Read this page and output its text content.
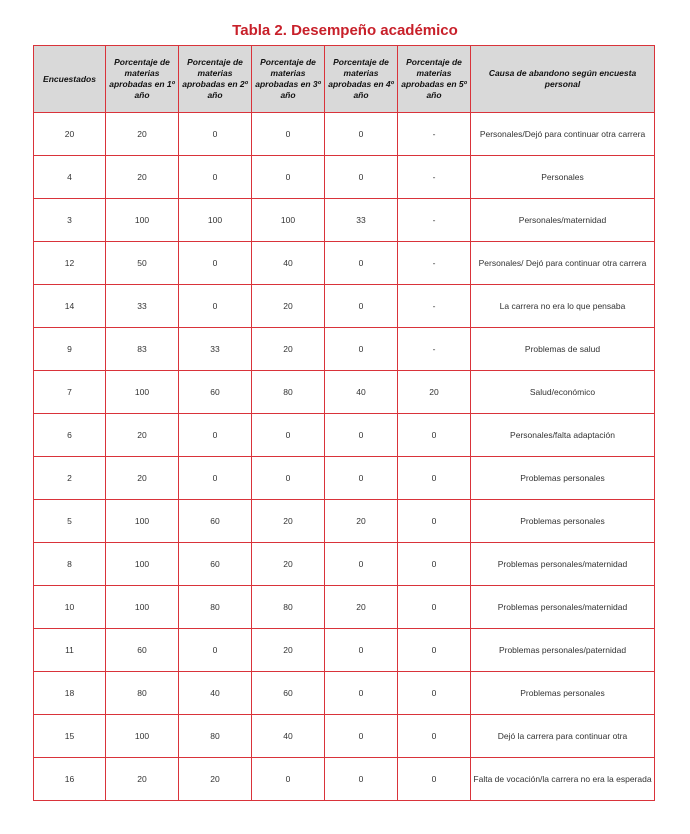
Tabla 2. Desempeño académico
Encuestados	Porcentaje de materias aprobadas en 1º año	Porcentaje de materias aprobadas en 2º año	Porcentaje de materias aprobadas en 3º año	Porcentaje de materias aprobadas en 4º año	Porcentaje de materias aprobadas en 5º año	Causa de abandono según encuesta personal
20	20	0	0	0	-	Personales/Dejó para continuar otra carrera
4	20	0	0	0	-	Personales
3	100	100	100	33	-	Personales/maternidad
12	50	0	40	0	-	Personales/ Dejó para continuar otra carrera
14	33	0	20	0	-	La carrera no era lo que pensaba
9	83	33	20	0	-	Problemas de salud
7	100	60	80	40	20	Salud/económico
6	20	0	0	0	0	Personales/falta adaptación
2	20	0	0	0	0	Problemas personales
5	100	60	20	20	0	Problemas personales
8	100	60	20	0	0	Problemas personales/maternidad
10	100	80	80	20	0	Problemas personales/maternidad
11	60	0	20	0	0	Problemas personales/paternidad
18	80	40	60	0	0	Problemas personales
15	100	80	40	0	0	Dejó la carrera para continuar otra
16	20	20	0	0	0	Falta de vocación/la carrera no era la esperada
